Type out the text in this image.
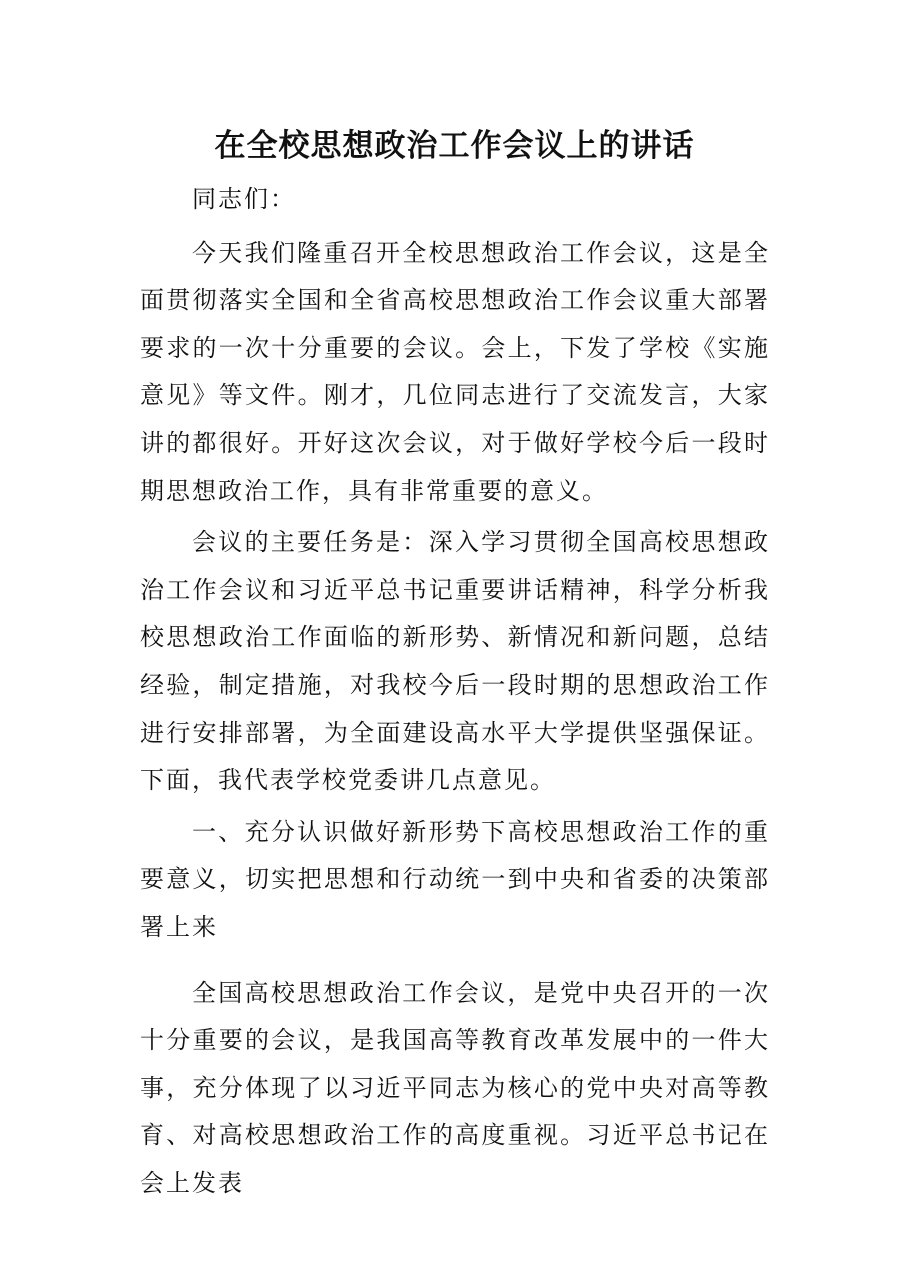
在全校思想政治工作会议上的讲话

同志们：

今天我们隆重召开全校思想政治工作会议，这是全面贯彻落实全国和全省高校思想政治工作会议重大部署要求的一次十分重要的会议。会上，下发了学校《实施意见》等文件。刚才，几位同志进行了交流发言，大家讲的都很好。开好这次会议，对于做好学校今后一段时期思想政治工作，具有非常重要的意义。

会议的主要任务是：深入学习贯彻全国高校思想政治工作会议和习近平总书记重要讲话精神，科学分析我校思想政治工作面临的新形势、新情况和新问题，总结经验，制定措施，对我校今后一段时期的思想政治工作进行安排部署，为全面建设高水平大学提供坚强保证。下面，我代表学校党委讲几点意见。

一、充分认识做好新形势下高校思想政治工作的重要意义，切实把思想和行动统一到中央和省委的决策部署上来

全国高校思想政治工作会议，是党中央召开的一次十分重要的会议，是我国高等教育改革发展中的一件大事，充分体现了以习近平同志为核心的党中央对高等教育、对高校思想政治工作的高度重视。习近平总书记在会上发表
